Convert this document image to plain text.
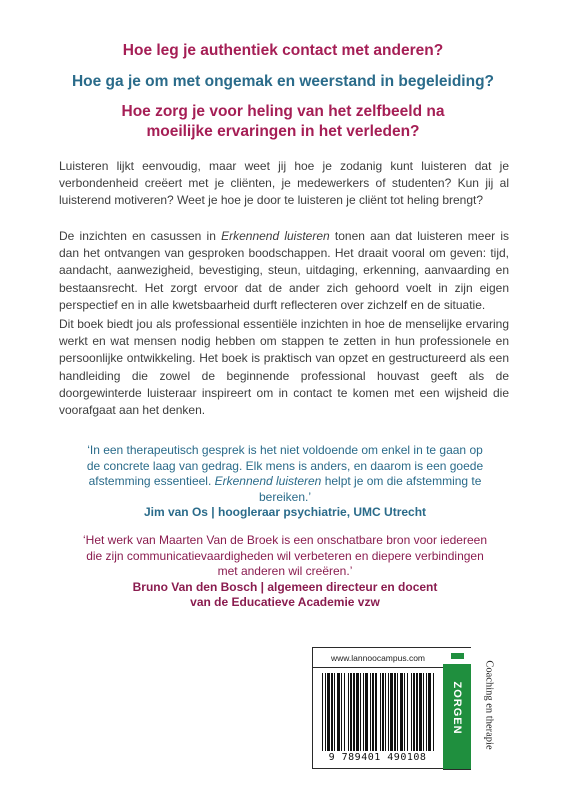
Hoe leg je authentiek contact met anderen?
Hoe ga je om met ongemak en weerstand in begeleiding?
Hoe zorg je voor heling van het zelfbeeld na
moeilijke ervaringen in het verleden?
Luisteren lijkt eenvoudig, maar weet jij hoe je zodanig kunt luisteren dat je verbondenheid creëert met je cliënten, je medewerkers of studenten? Kun jij al luisterend motiveren? Weet je hoe je door te luisteren je cliënt tot heling brengt?
De inzichten en casussen in Erkennend luisteren tonen aan dat luisteren meer is dan het ontvangen van gesproken boodschappen. Het draait vooral om geven: tijd, aandacht, aanwezigheid, bevestiging, steun, uitdaging, erkenning, aanvaarding en bestaansrecht. Het zorgt ervoor dat de ander zich gehoord voelt in zijn eigen perspectief en in alle kwetsbaarheid durft reflecteren over zichzelf en de situatie.
Dit boek biedt jou als professional essentiële inzichten in hoe de menselijke ervaring werkt en wat mensen nodig hebben om stappen te zetten in hun professionele en persoonlijke ontwikkeling. Het boek is praktisch van opzet en gestructureerd als een handleiding die zowel de beginnende professional houvast geeft als de doorgewinterde luisteraar inspireert om in contact te komen met een wijsheid die voorafgaat aan het denken.
‘In een therapeutisch gesprek is het niet voldoende om enkel in te gaan op de concrete laag van gedrag. Elk mens is anders, en daarom is een goede afstemming essentieel. Erkennend luisteren helpt je om die afstemming te bereiken.’
Jim van Os | hoogleraar psychiatrie, UMC Utrecht
‘Het werk van Maarten Van de Broek is een onschatbare bron voor iedereen die zijn communicatievaardigheden wil verbeteren en diepere verbindingen met anderen wil creëren.’
Bruno Van den Bosch | algemeen directeur en docent
van de Educatieve Academie vzw
www.lannoocampus.com
9 789401 490108
ZORGEN Coaching en therapie
